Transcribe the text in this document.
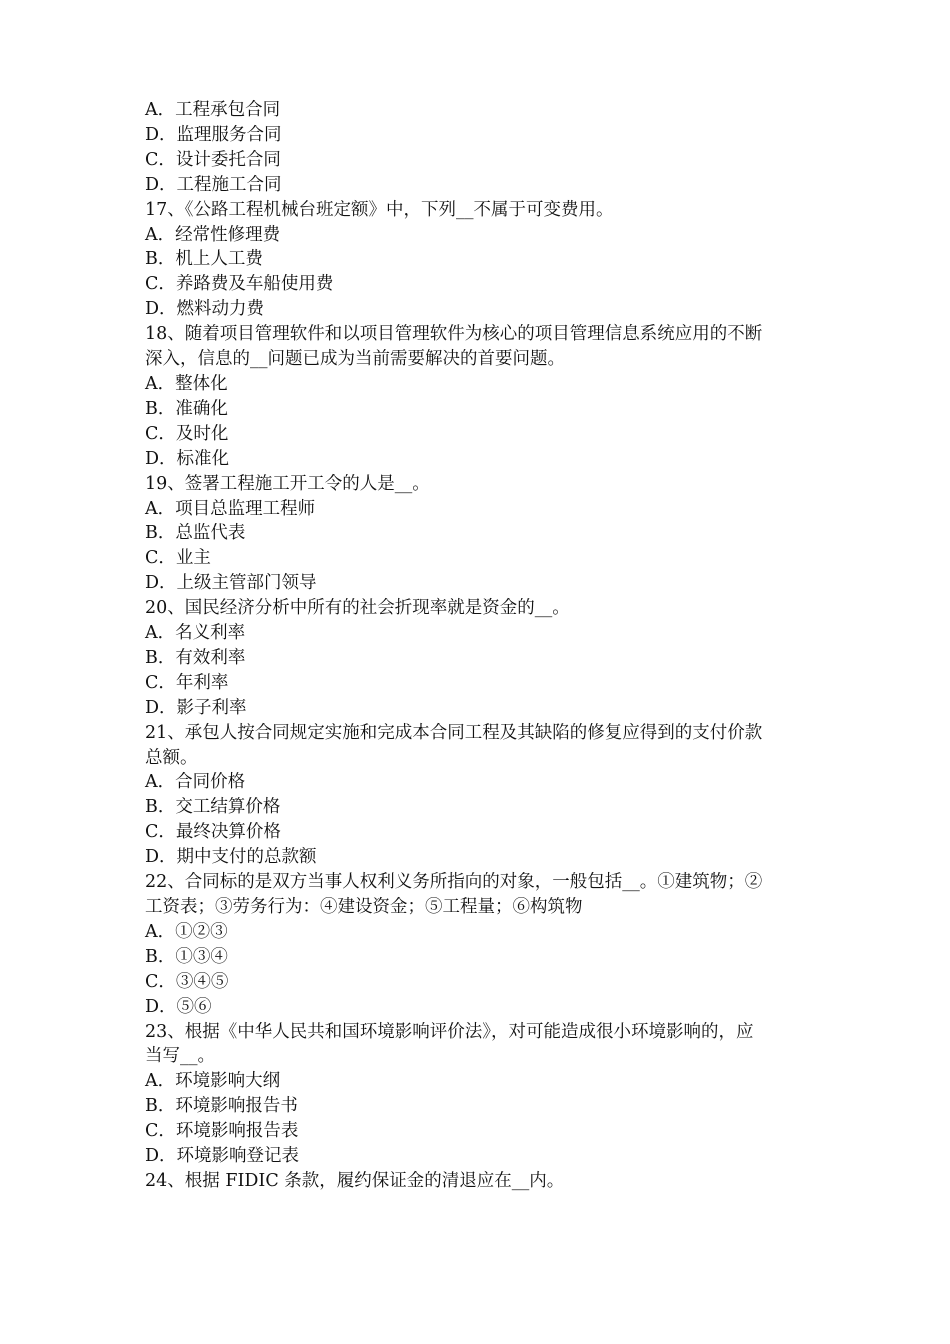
A．工程承包合同

D．监理服务合同

C．设计委托合同

D．工程施工合同

17、《公路工程机械台班定额》中，下列__不属于可变费用。

A．经常性修理费

B．机上人工费

C．养路费及车船使用费

D．燃料动力费

18、随着项目管理软件和以项目管理软件为核心的项目管理信息系统应用的不断

深入，信息的__问题已成为当前需要解决的首要问题。

A．整体化

B．准确化

C．及时化

D．标准化

19、签署工程施工开工令的人是__。

A．项目总监理工程师

B．总监代表

C．业主

D．上级主管部门领导

20、国民经济分析中所有的社会折现率就是资金的__。

A．名义利率

B．有效利率

C．年利率

D．影子利率

21、承包人按合同规定实施和完成本合同工程及其缺陷的修复应得到的支付价款

总额。

A．合同价格

B．交工结算价格

C．最终决算价格

D．期中支付的总款额

22、合同标的是双方当事人权利义务所指向的对象，一般包括__。①建筑物；②

工资表；③劳务行为：④建设资金；⑤工程量；⑥构筑物

A．①②③

B．①③④

C．③④⑤

D．⑤⑥

23、根据《中华人民共和国环境影响评价法》，对可能造成很小环境影响的，应

当写__。

A．环境影响大纲

B．环境影响报告书

C．环境影响报告表

D．环境影响登记表

24、根据 FIDIC 条款，履约保证金的清退应在__内。
